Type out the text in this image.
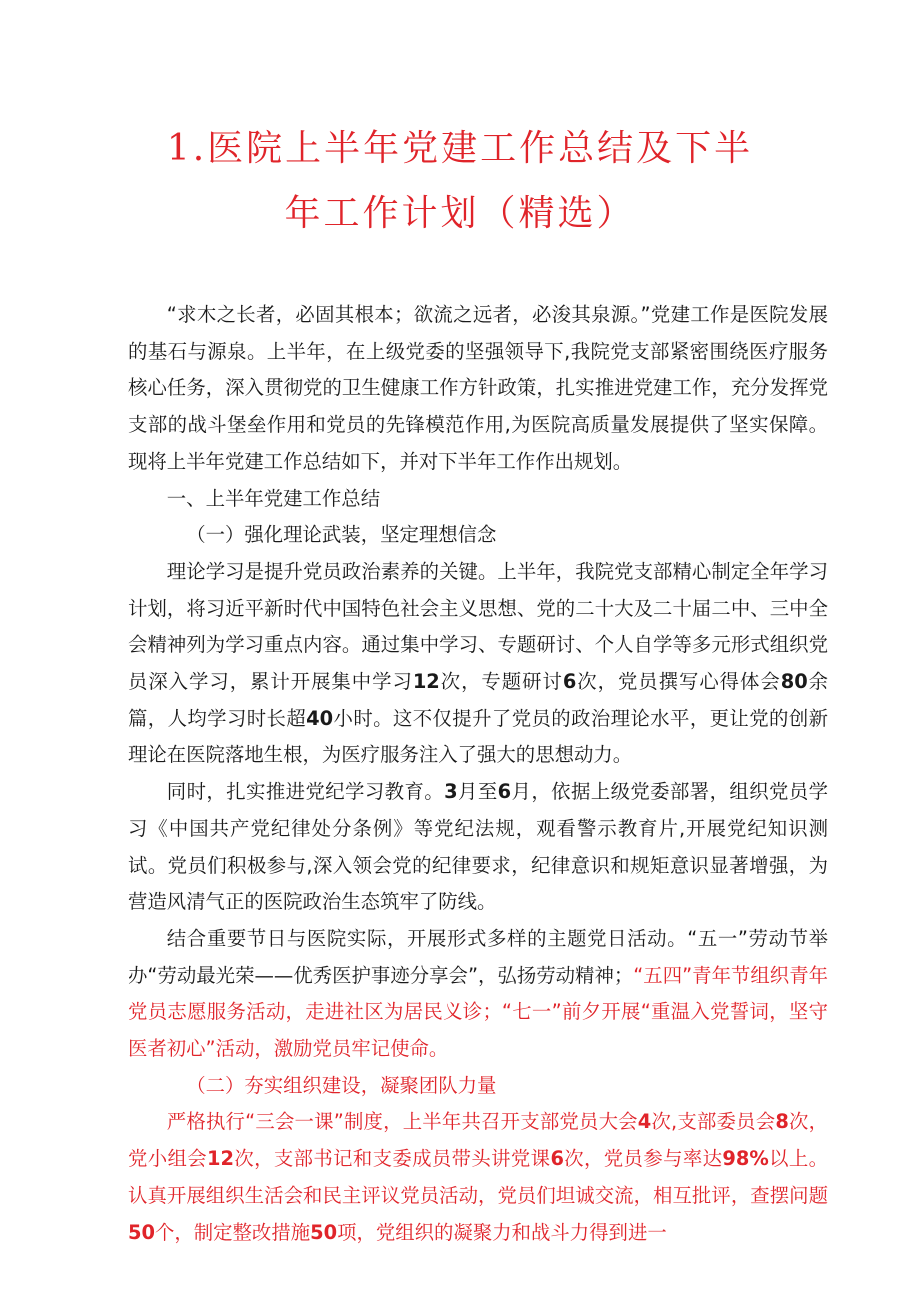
1.医院上半年党建工作总结及下半
年工作计划（精选）

“求木之长者，必固其根本；欲流之远者，必浚其泉源。”党建工作是医院发展的基石与源泉。上半年，在上级党委的坚强领导下,我院党支部紧密围绕医疗服务核心任务，深入贯彻党的卫生健康工作方针政策，扎实推进党建工作，充分发挥党支部的战斗堡垒作用和党员的先锋模范作用,为医院高质量发展提供了坚实保障。现将上半年党建工作总结如下，并对下半年工作作出规划。

一、上半年党建工作总结

（一）强化理论武装，坚定理想信念

理论学习是提升党员政治素养的关键。上半年，我院党支部精心制定全年学习计划，将习近平新时代中国特色社会主义思想、党的二十大及二十届二中、三中全会精神列为学习重点内容。通过集中学习、专题研讨、个人自学等多元形式组织党员深入学习，累计开展集中学习12次，专题研讨6次，党员撰写心得体会80余篇，人均学习时长超40小时。这不仅提升了党员的政治理论水平，更让党的创新理论在医院落地生根，为医疗服务注入了强大的思想动力。

同时，扎实推进党纪学习教育。3月至6月，依据上级党委部署，组织党员学习《中国共产党纪律处分条例》等党纪法规，观看警示教育片,开展党纪知识测试。党员们积极参与,深入领会党的纪律要求，纪律意识和规矩意识显著增强，为营造风清气正的医院政治生态筑牢了防线。

结合重要节日与医院实际，开展形式多样的主题党日活动。“五一”劳动节举办“劳动最光荣——优秀医护事迹分享会”，弘扬劳动精神；“五四”青年节组织青年党员志愿服务活动，走进社区为居民义诊；“七一”前夕开展“重温入党誓词，坚守医者初心”活动，激励党员牢记使命。

（二）夯实组织建设，凝聚团队力量

严格执行“三会一课”制度，上半年共召开支部党员大会4次,支部委员会8次，党小组会12次，支部书记和支委成员带头讲党课6次，党员参与率达98%以上。认真开展组织生活会和民主评议党员活动，党员们坦诚交流，相互批评，查摆问题50个，制定整改措施50项，党组织的凝聚力和战斗力得到进一
